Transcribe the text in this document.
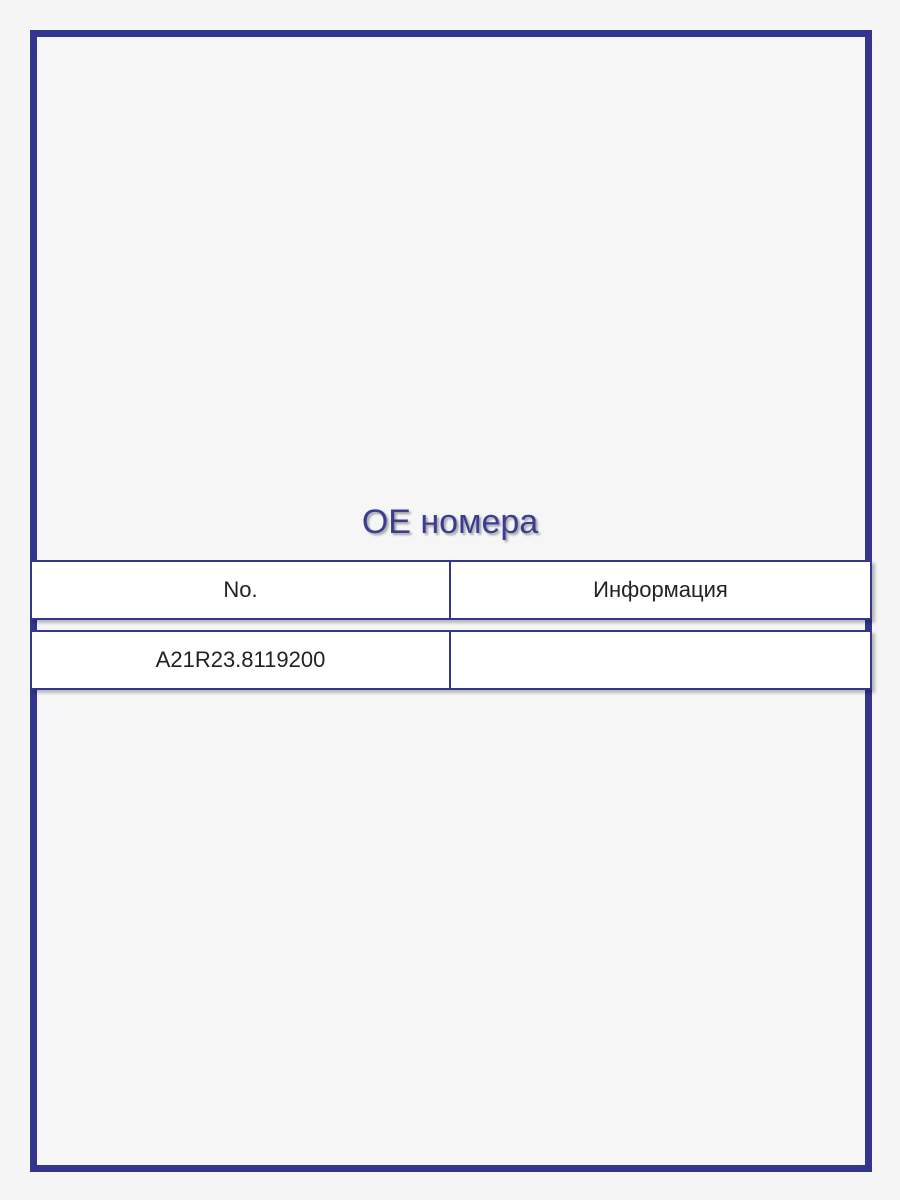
OE номера
No.	Информация
A21R23.8119200
